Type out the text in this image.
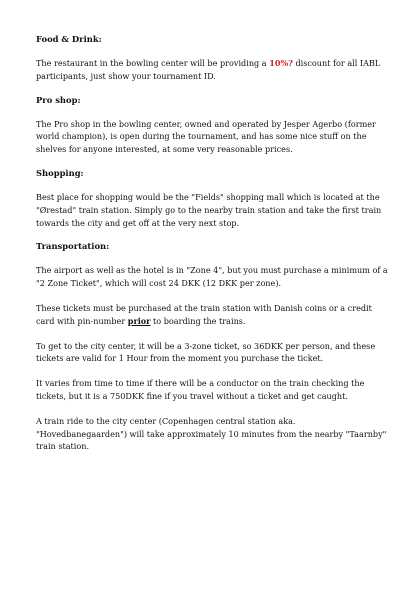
Food & Drink:

The restaurant in the bowling center will be providing a 10%? discount for all IABL participants, just show your tournament ID.

Pro shop:

The Pro shop in the bowling center, owned and operated by Jesper Agerbo (former world champion), is open during the tournament, and has some nice stuff on the shelves for anyone interested, at some very reasonable prices.

Shopping:

Best place for shopping would be the "Fields" shopping mall which is located at the "Ørestad" train station. Simply go to the nearby train station and take the first train towards the city and get off at the very next stop.

Transportation:

The airport as well as the hotel is in "Zone 4", but you must purchase a minimum of a "2 Zone Ticket", which will cost 24 DKK (12 DKK per zone).

These tickets must be purchased at the train station with Danish coins or a credit card with pin-number prior to boarding the trains.

To get to the city center, it will be a 3-zone ticket, so 36DKK per person, and these tickets are valid for 1 Hour from the moment you purchase the ticket.

It varies from time to time if there will be a conductor on the train checking the tickets, but it is a 750DKK fine if you travel without a ticket and get caught.

A train ride to the city center (Copenhagen central station aka. "Hovedbanegaarden") will take approximately 10 minutes from the nearby "Taarnby" train station.
